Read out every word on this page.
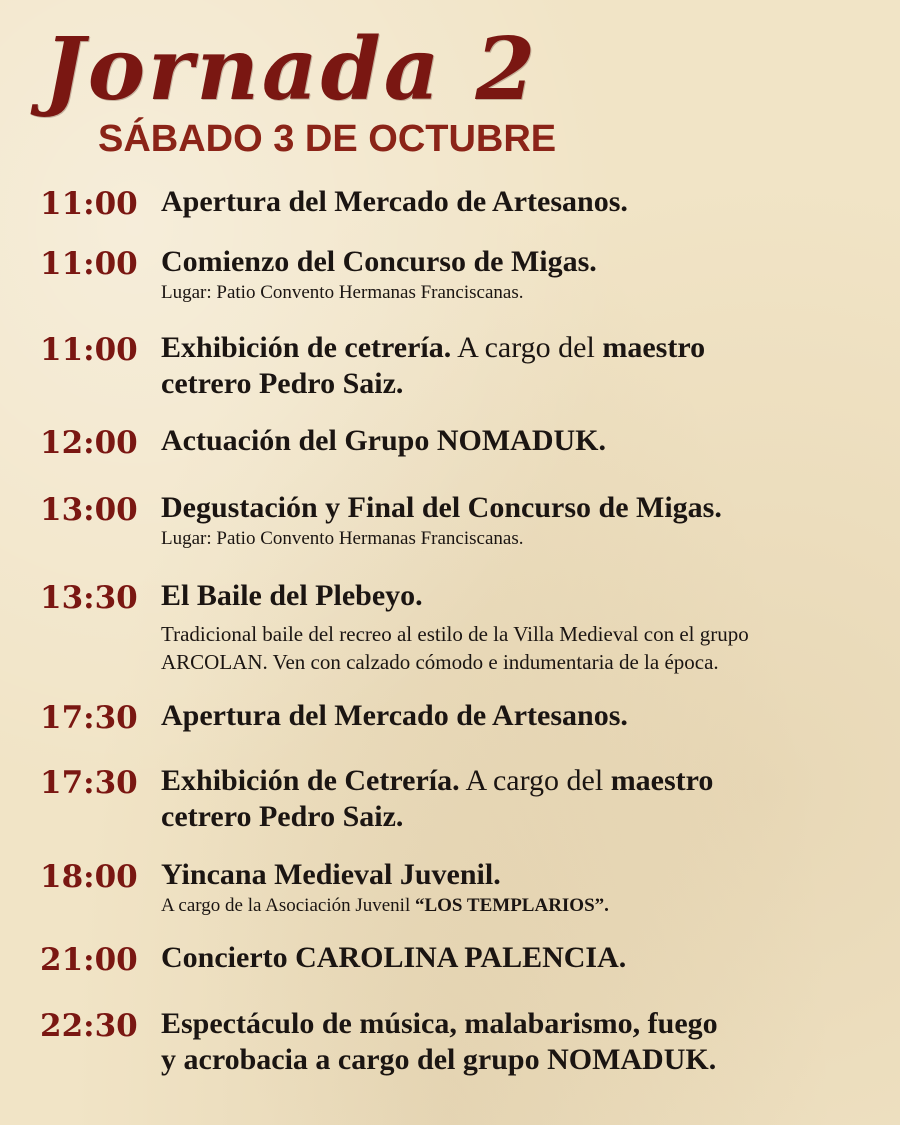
Jornada 2
SÁBADO 3 DE OCTUBRE
11:00 Apertura del Mercado de Artesanos.
11:00 Comienzo del Concurso de Migas.
Lugar: Patio Convento Hermanas Franciscanas.
11:00 Exhibición de cetrería. A cargo del maestro
cetrero Pedro Saiz.
12:00 Actuación del Grupo NOMADUK.
13:00 Degustación y Final del Concurso de Migas.
Lugar: Patio Convento Hermanas Franciscanas.
13:30 El Baile del Plebeyo.
Tradicional baile del recreo al estilo de la Villa Medieval con el grupo
ARCOLAN. Ven con calzado cómodo e indumentaria de la época.
17:30 Apertura del Mercado de Artesanos.
17:30 Exhibición de Cetrería. A cargo del maestro
cetrero Pedro Saiz.
18:00 Yincana Medieval Juvenil.
A cargo de la Asociación Juvenil “LOS TEMPLARIOS”.
21:00 Concierto CAROLINA PALENCIA.
22:30 Espectáculo de música, malabarismo, fuego
y acrobacia a cargo del grupo NOMADUK.
